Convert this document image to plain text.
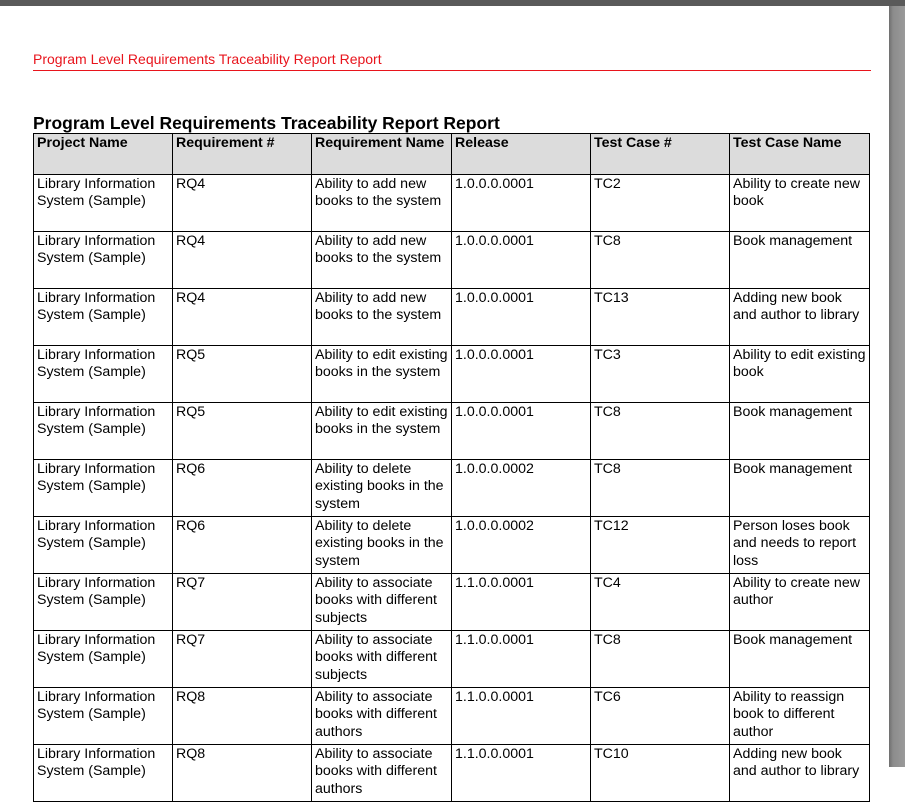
Program Level Requirements Traceability Report Report
Program Level Requirements Traceability Report Report
Project Name	Requirement #	Requirement Name	Release	Test Case #	Test Case Name
Library Information System (Sample)	RQ4	Ability to add new books to the system	1.0.0.0.0001	TC2	Ability to create new book
Library Information System (Sample)	RQ4	Ability to add new books to the system	1.0.0.0.0001	TC8	Book management
Library Information System (Sample)	RQ4	Ability to add new books to the system	1.0.0.0.0001	TC13	Adding new book and author to library
Library Information System (Sample)	RQ5	Ability to edit existing books in the system	1.0.0.0.0001	TC3	Ability to edit existing book
Library Information System (Sample)	RQ5	Ability to edit existing books in the system	1.0.0.0.0001	TC8	Book management
Library Information System (Sample)	RQ6	Ability to delete existing books in the system	1.0.0.0.0002	TC8	Book management
Library Information System (Sample)	RQ6	Ability to delete existing books in the system	1.0.0.0.0002	TC12	Person loses book and needs to report loss
Library Information System (Sample)	RQ7	Ability to associate books with different subjects	1.1.0.0.0001	TC4	Ability to create new author
Library Information System (Sample)	RQ7	Ability to associate books with different subjects	1.1.0.0.0001	TC8	Book management
Library Information System (Sample)	RQ8	Ability to associate books with different authors	1.1.0.0.0001	TC6	Ability to reassign book to different author
Library Information System (Sample)	RQ8	Ability to associate books with different authors	1.1.0.0.0001	TC10	Adding new book and author to library
